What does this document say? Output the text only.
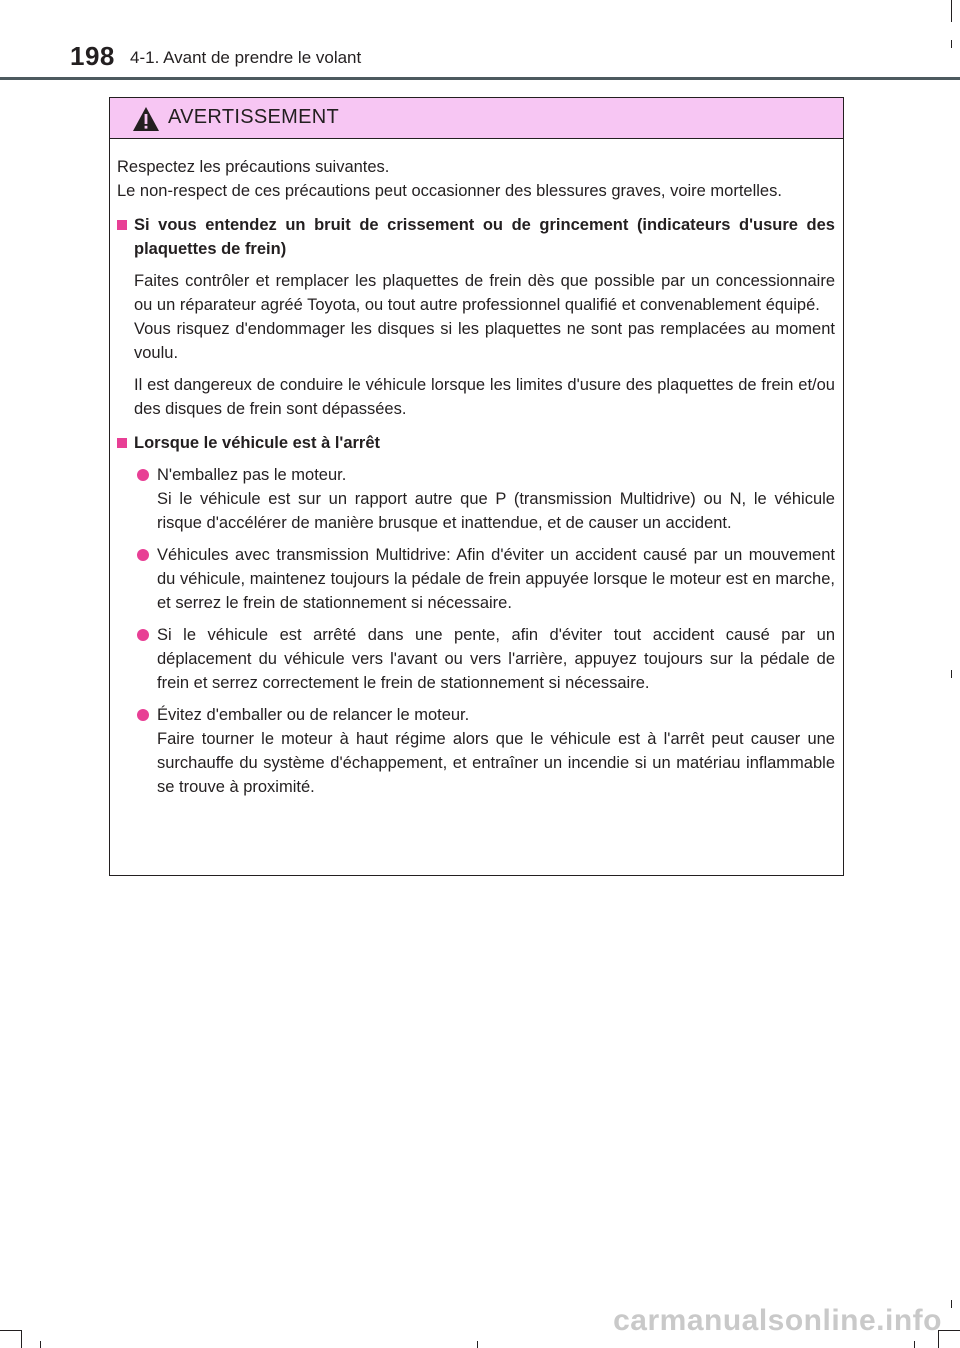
198 4-1. Avant de prendre le volant
AVERTISSEMENT

Respectez les précautions suivantes.

Le non-respect de ces précautions peut occasionner des blessures graves, voire mortelles.

Si vous entendez un bruit de crissement ou de grincement (indicateurs d'usure des plaquettes de frein)

Faites contrôler et remplacer les plaquettes de frein dès que possible par un concessionnaire ou un réparateur agréé Toyota, ou tout autre professionnel qualifié et convenablement équipé.

Vous risquez d'endommager les disques si les plaquettes ne sont pas remplacées au moment voulu.

Il est dangereux de conduire le véhicule lorsque les limites d'usure des plaquettes de frein et/ou des disques de frein sont dépassées.

Lorsque le véhicule est à l'arrêt

N'emballez pas le moteur.

Si le véhicule est sur un rapport autre que P (transmission Multidrive) ou N, le véhicule risque d'accélérer de manière brusque et inattendue, et de causer un accident.

Véhicules avec transmission Multidrive: Afin d'éviter un accident causé par un mouvement du véhicule, maintenez toujours la pédale de frein appuyée lorsque le moteur est en marche, et serrez le frein de stationnement si nécessaire.

Si le véhicule est arrêté dans une pente, afin d'éviter tout accident causé par un déplacement du véhicule vers l'avant ou vers l'arrière, appuyez toujours sur la pédale de frein et serrez correctement le frein de stationnement si nécessaire.

Évitez d'emballer ou de relancer le moteur.

Faire tourner le moteur à haut régime alors que le véhicule est à l'arrêt peut causer une surchauffe du système d'échappement, et entraîner un incendie si un matériau inflammable se trouve à proximité.

carmanualsonline.info
